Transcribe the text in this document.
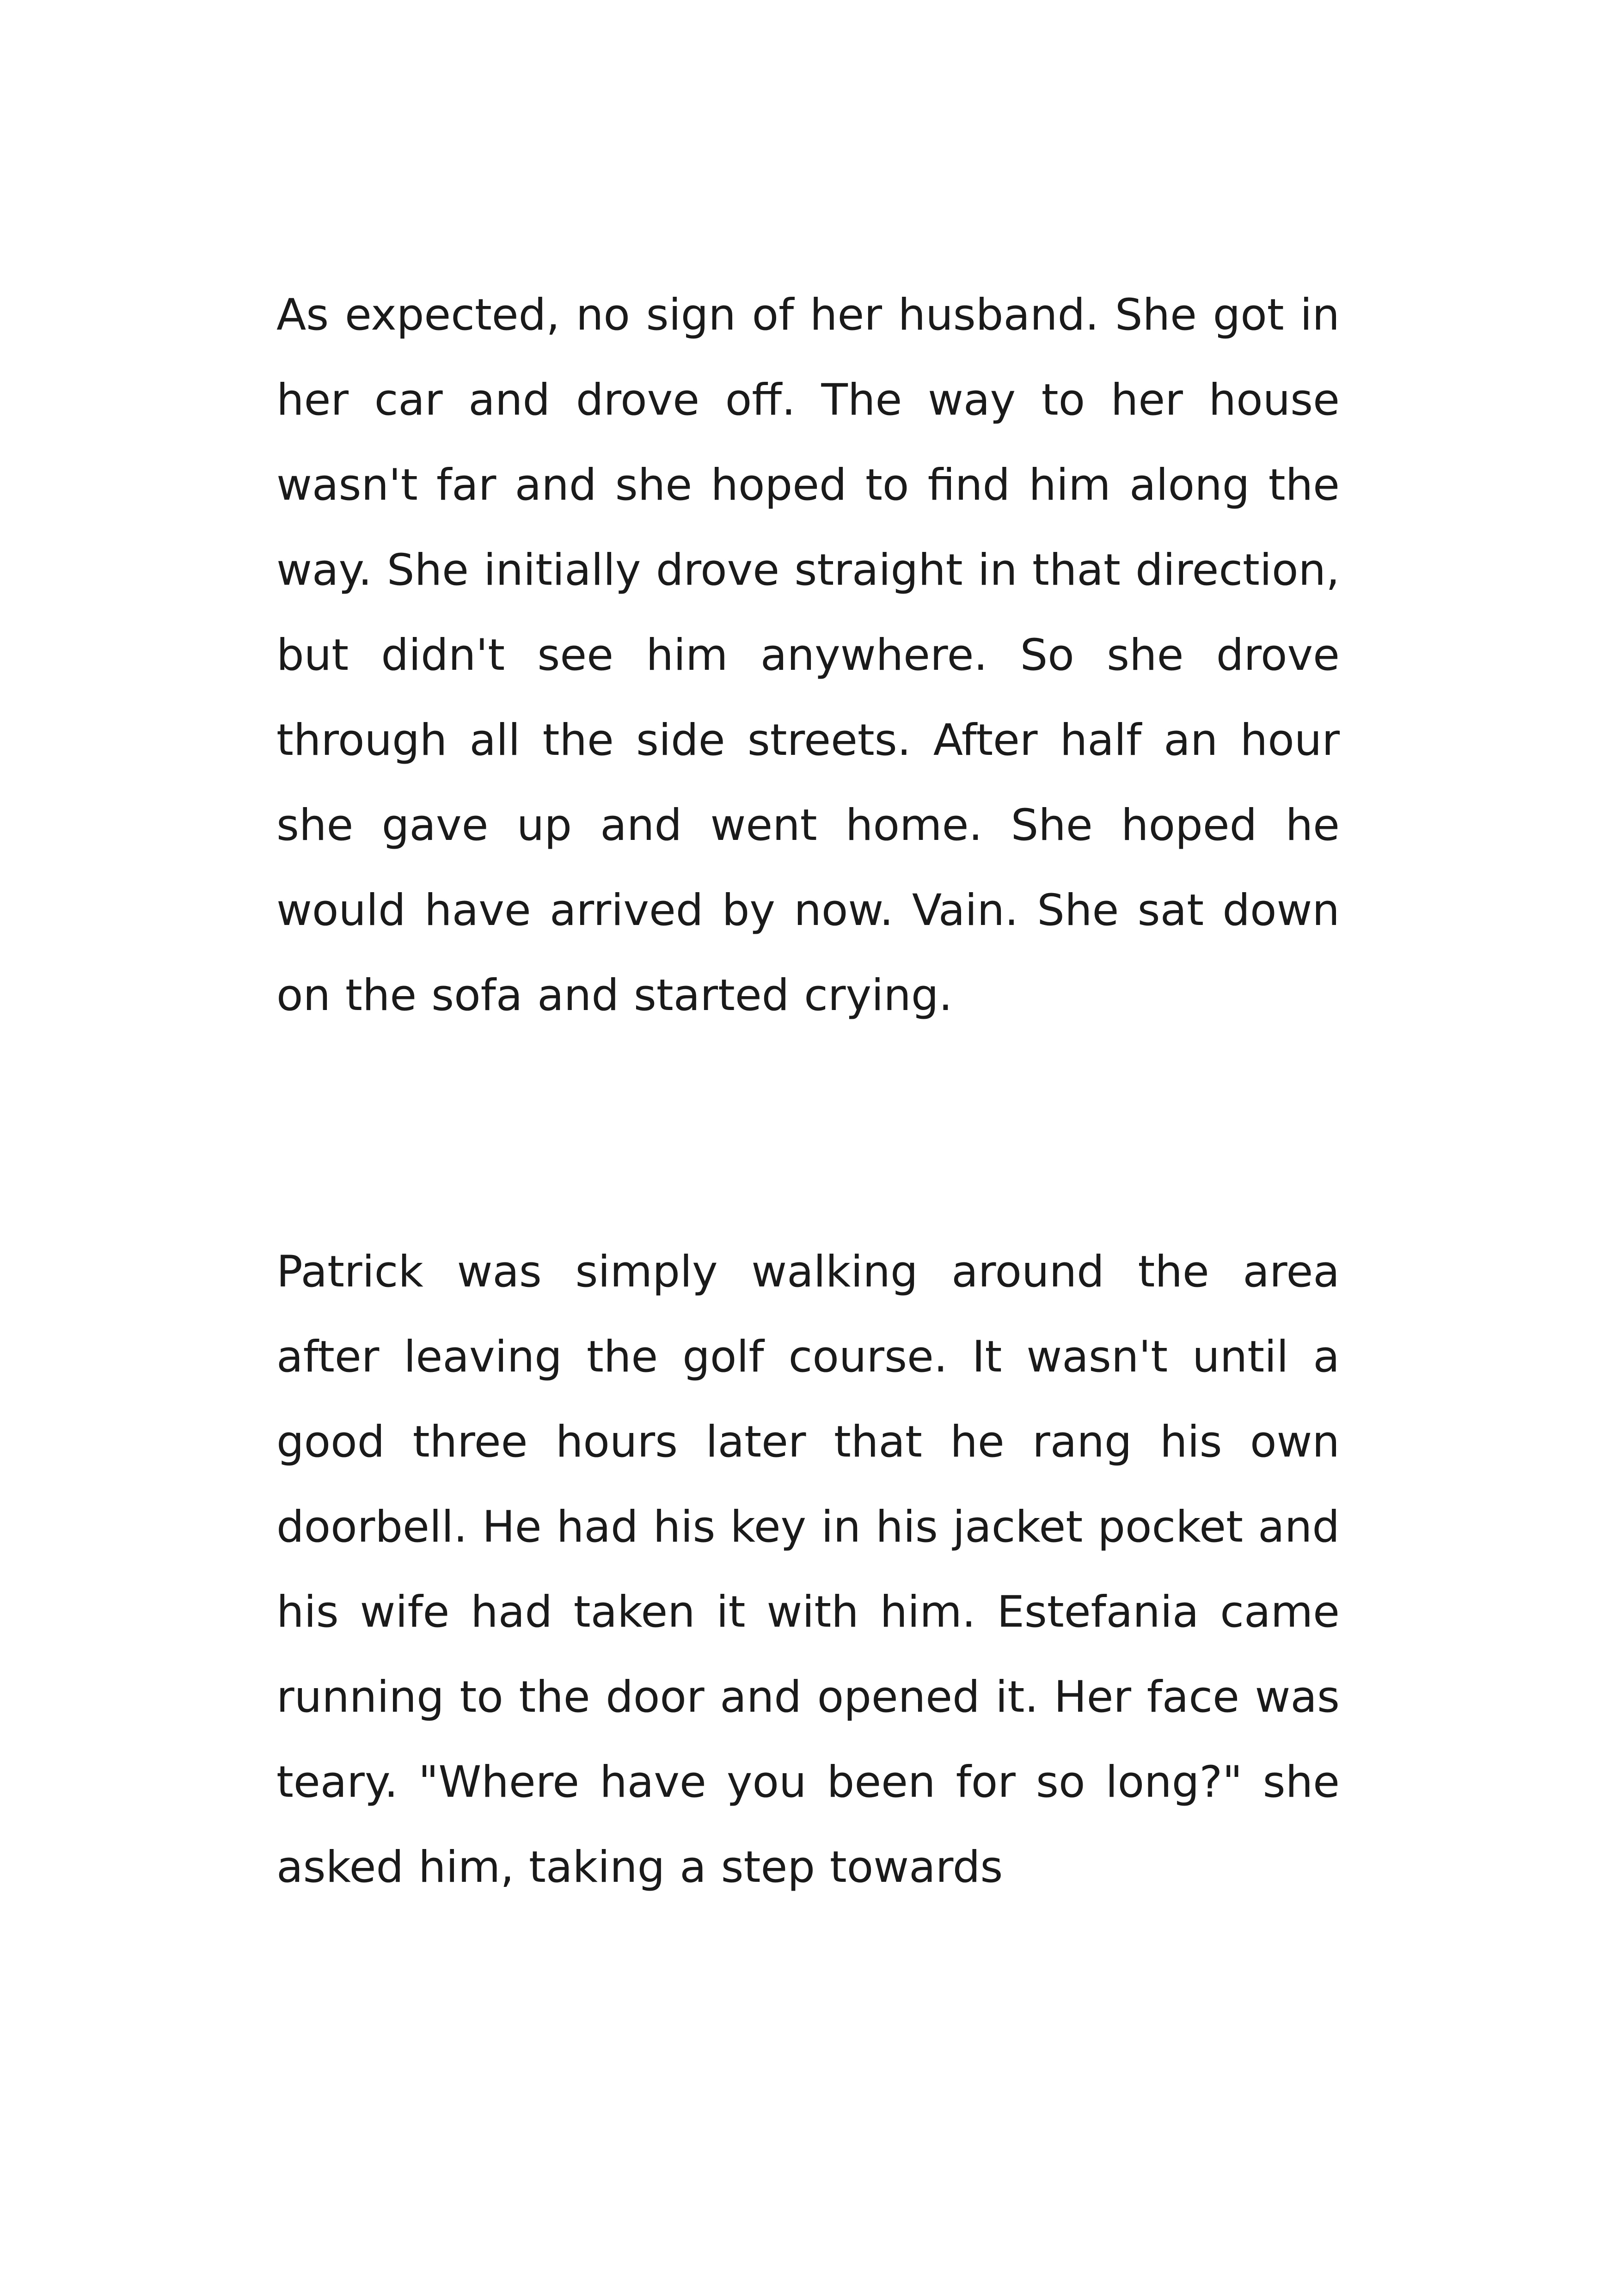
As expected, no sign of her husband. She got in her car and drove off. The way to her house wasn't far and she hoped to find him along the way. She initially drove straight in that direction, but didn't see him anywhere. So she drove through all the side streets. After half an hour she gave up and went home. She hoped he would have arrived by now. Vain. She sat down on the sofa and started crying.

Patrick was simply walking around the area after leaving the golf course. It wasn't until a good three hours later that he rang his own doorbell. He had his key in his jacket pocket and his wife had taken it with him. Estefania came running to the door and opened it. Her face was teary. "Where have you been for so long?" she asked him, taking a step towards
